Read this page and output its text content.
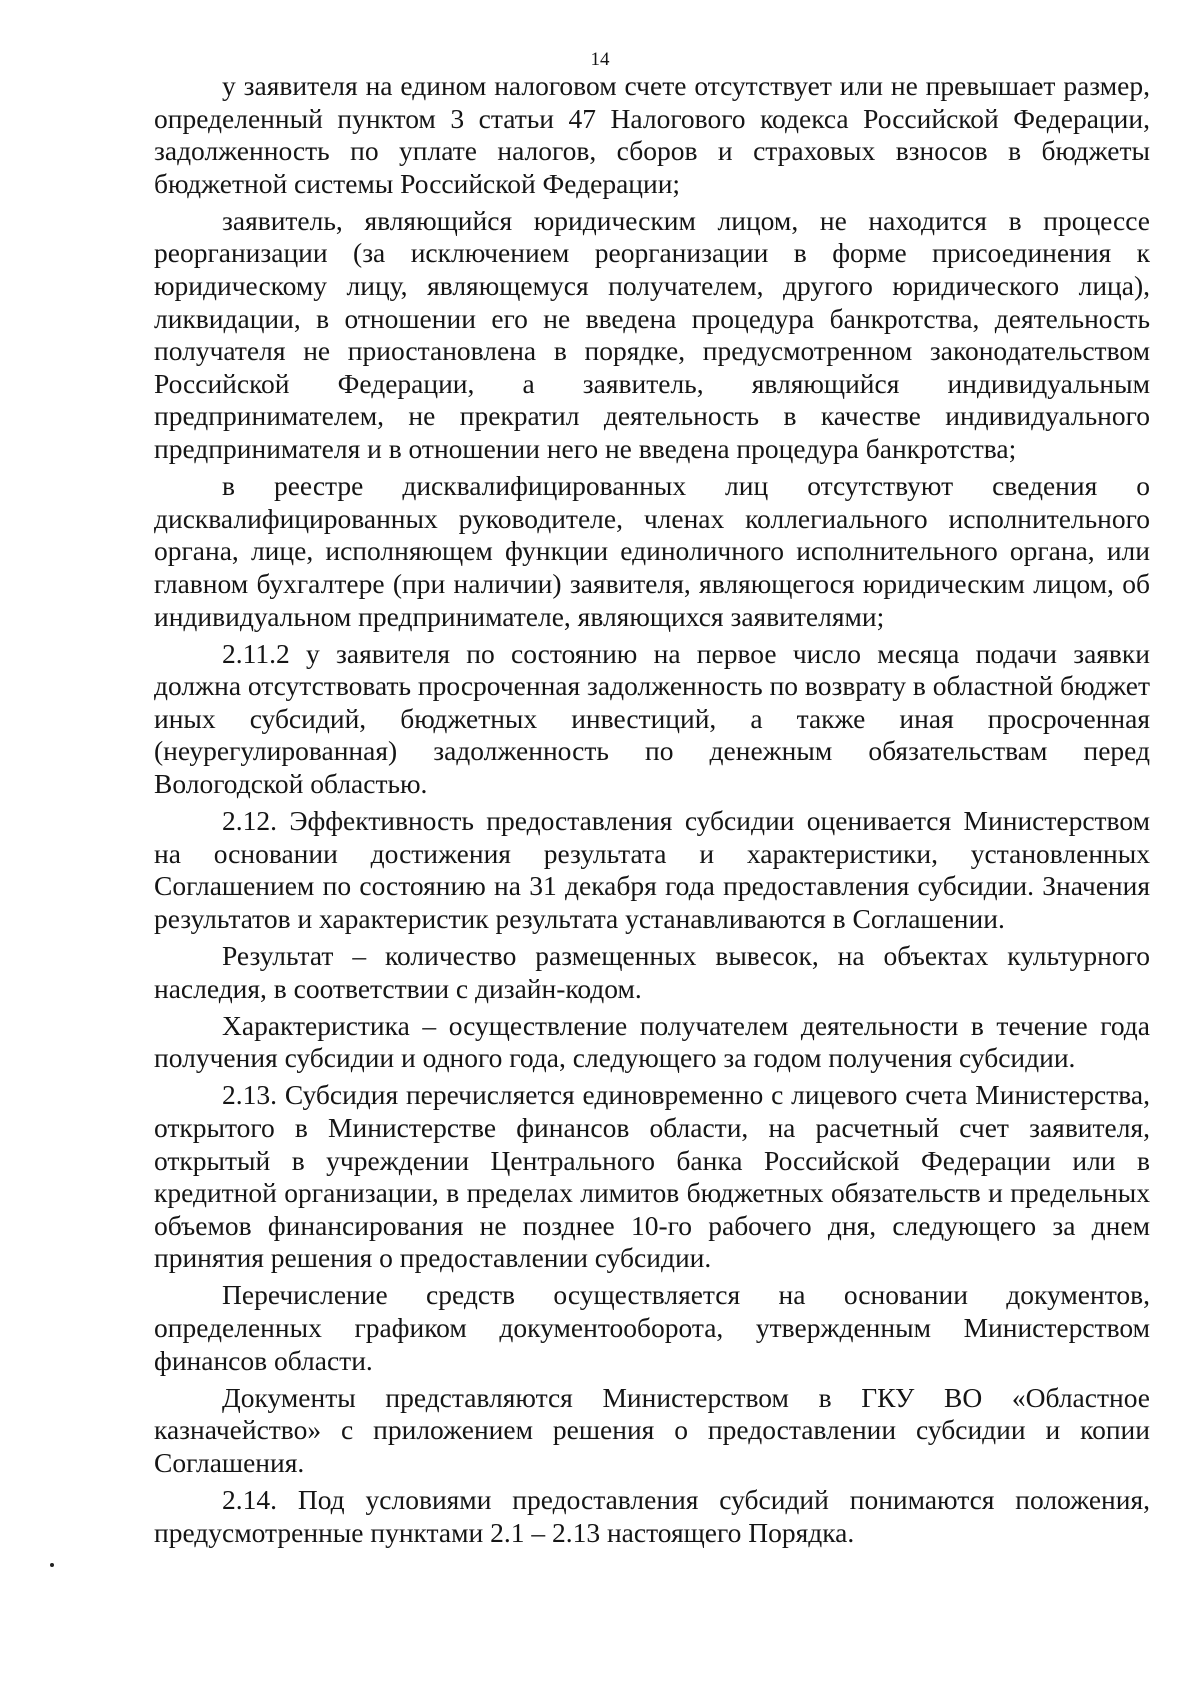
14

у заявителя на едином налоговом счете отсутствует или не превышает размер, определенный пунктом 3 статьи 47 Налогового кодекса Российской Федерации, задолженность по уплате налогов, сборов и страховых взносов в бюджеты бюджетной системы Российской Федерации;

заявитель, являющийся юридическим лицом, не находится в процессе реорганизации (за исключением реорганизации в форме присоединения к юридическому лицу, являющемуся получателем, другого юридического лица), ликвидации, в отношении его не введена процедура банкротства, деятельность получателя не приостановлена в порядке, предусмотренном законодательством Российской Федерации, а заявитель, являющийся индивидуальным предпринимателем, не прекратил деятельность в качестве индивидуального предпринимателя и в отношении него не введена процедура банкротства;

в реестре дисквалифицированных лиц отсутствуют сведения о дисквалифицированных руководителе, членах коллегиального исполнительного органа, лице, исполняющем функции единоличного исполнительного органа, или главном бухгалтере (при наличии) заявителя, являющегося юридическим лицом, об индивидуальном предпринимателе, являющихся заявителями;

2.11.2 у заявителя по состоянию на первое число месяца подачи заявки должна отсутствовать просроченная задолженность по возврату в областной бюджет иных субсидий, бюджетных инвестиций, а также иная просроченная (неурегулированная) задолженность по денежным обязательствам перед Вологодской областью.

2.12. Эффективность предоставления субсидии оценивается Министерством на основании достижения результата и характеристики, установленных Соглашением по состоянию на 31 декабря года предоставления субсидии. Значения результатов и характеристик результата устанавливаются в Соглашении.

Результат – количество размещенных вывесок, на объектах культурного наследия, в соответствии с дизайн-кодом.

Характеристика – осуществление получателем деятельности в течение года получения субсидии и одного года, следующего за годом получения субсидии.

2.13. Субсидия перечисляется единовременно с лицевого счета Министерства, открытого в Министерстве финансов области, на расчетный счет заявителя, открытый в учреждении Центрального банка Российской Федерации или в кредитной организации, в пределах лимитов бюджетных обязательств и предельных объемов финансирования не позднее 10-го рабочего дня, следующего за днем принятия решения о предоставлении субсидии.

Перечисление средств осуществляется на основании документов, определенных графиком документооборота, утвержденным Министерством финансов области.

Документы представляются Министерством в ГКУ ВО «Областное казначейство» с приложением решения о предоставлении субсидии и копии Соглашения.

2.14. Под условиями предоставления субсидий понимаются положения, предусмотренные пунктами 2.1 – 2.13 настоящего Порядка.
